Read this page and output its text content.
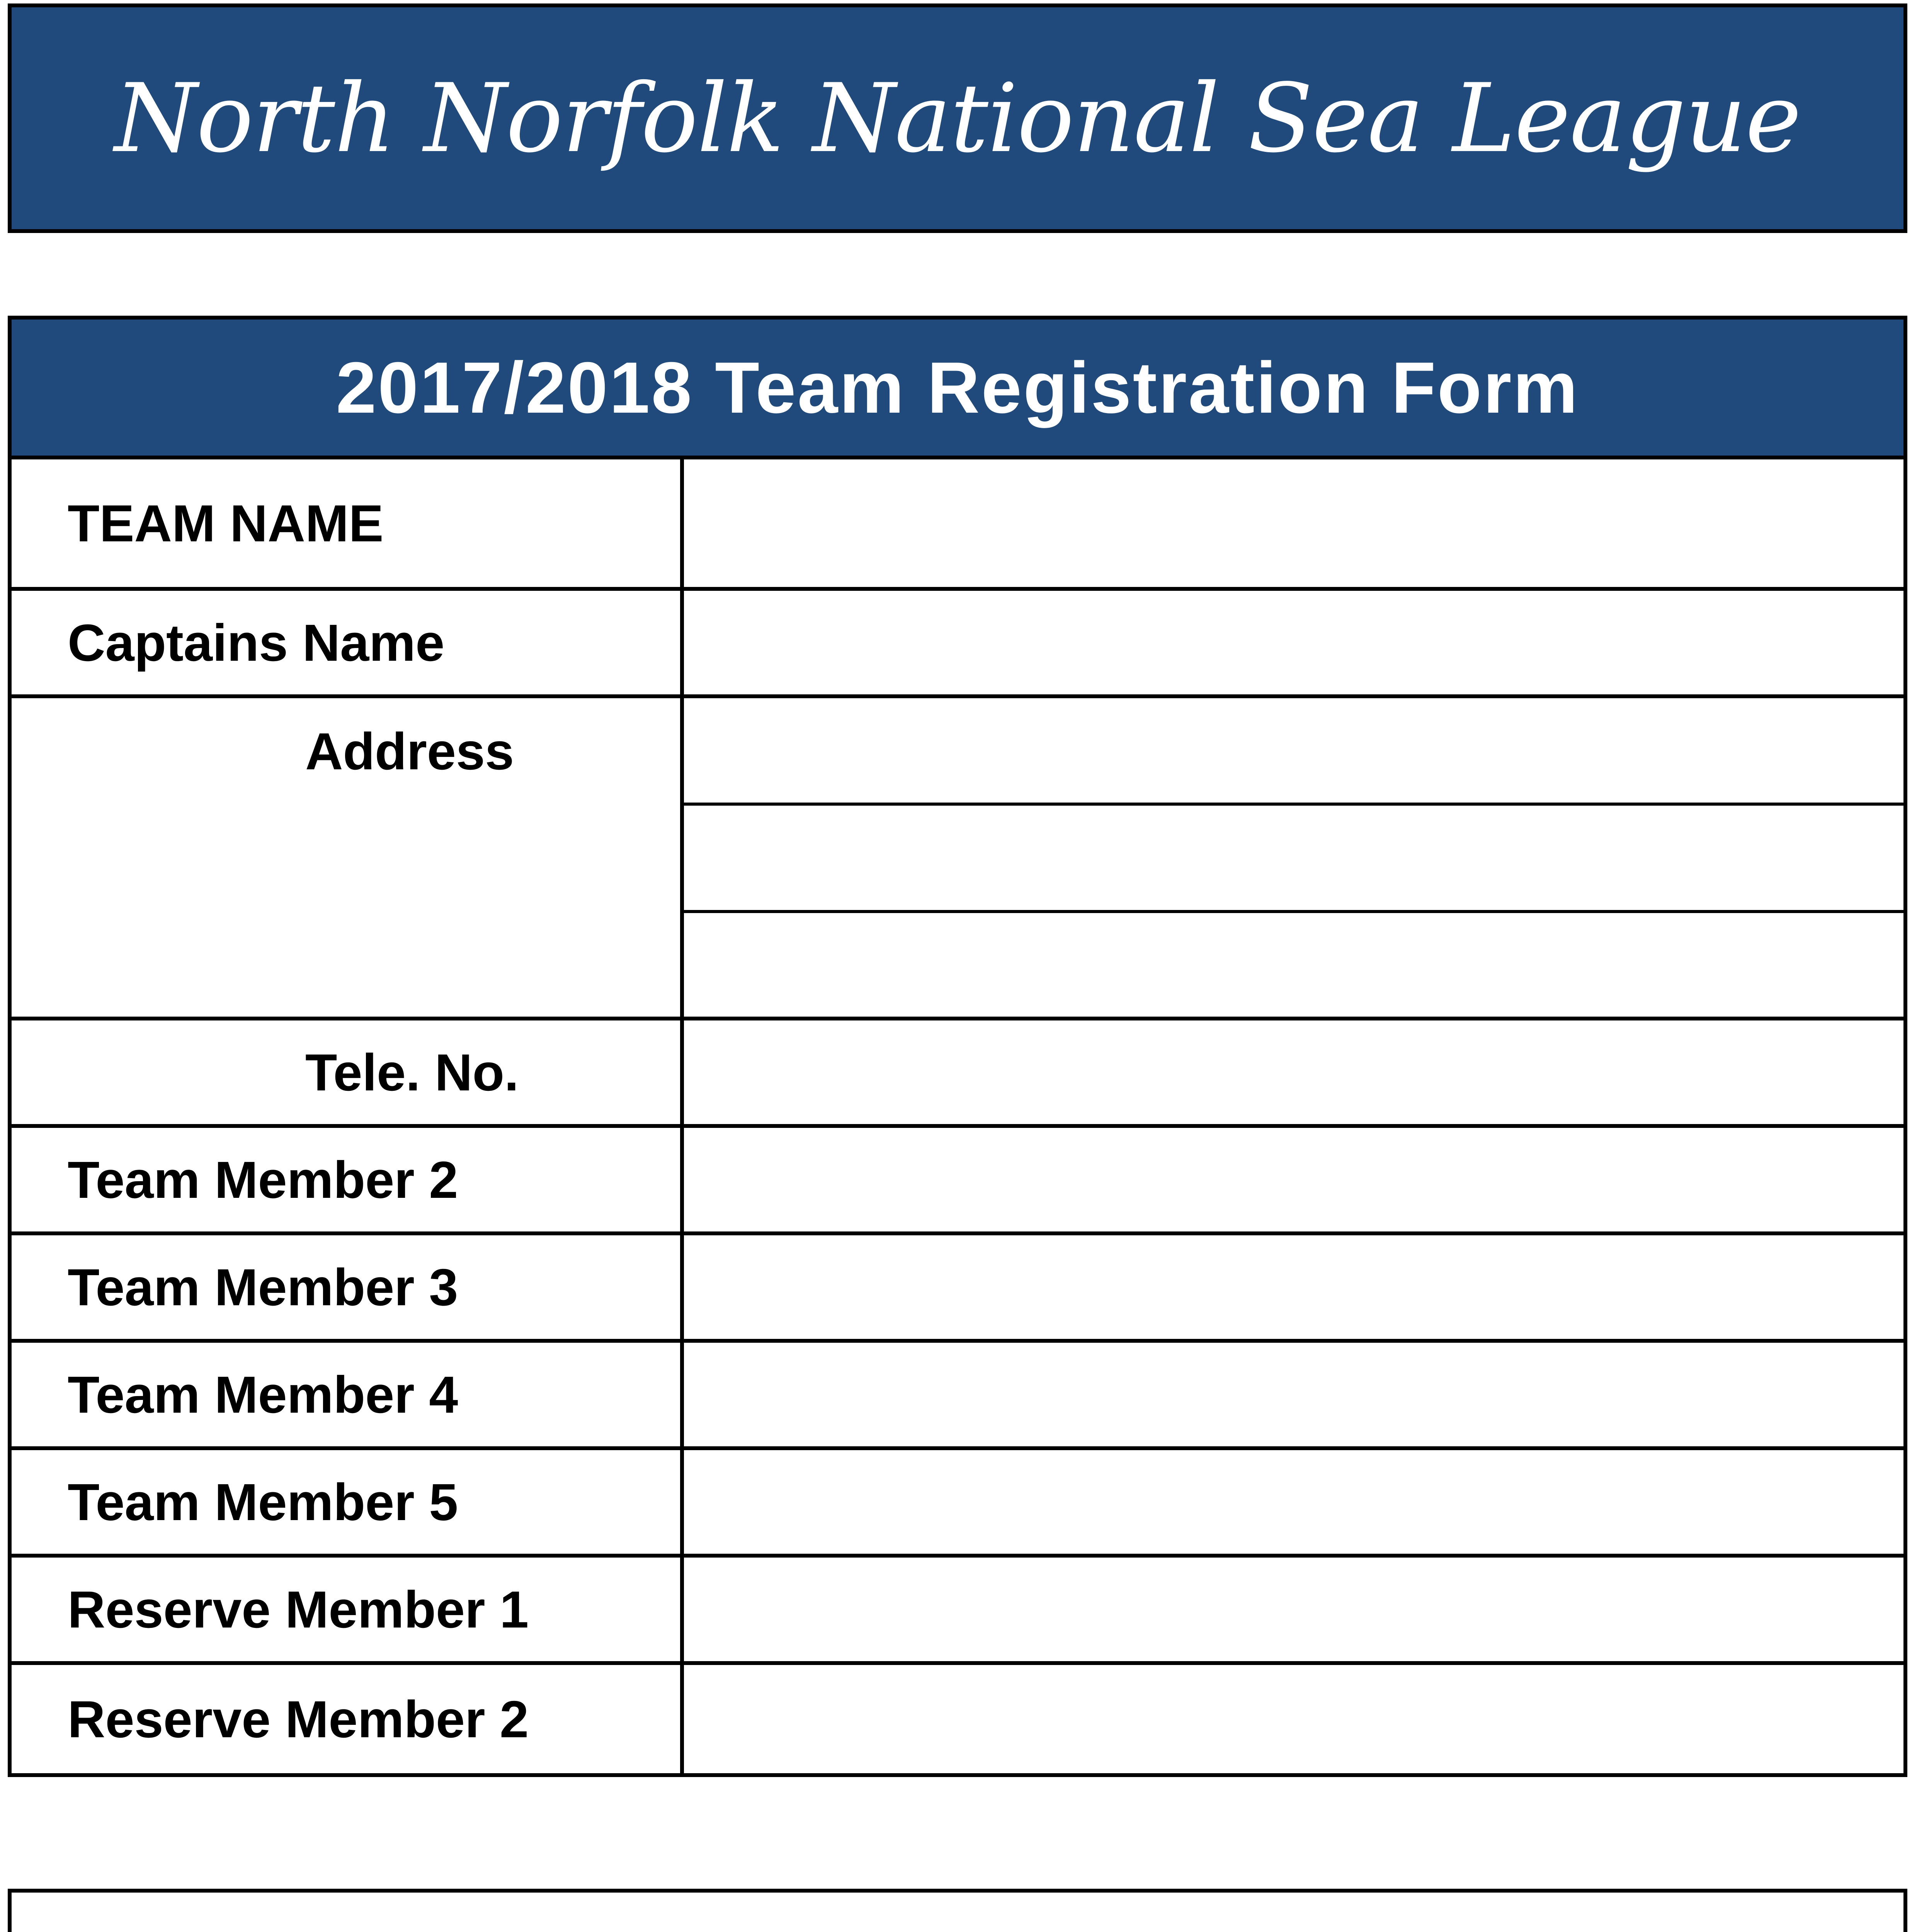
North Norfolk National Sea League
2017/2018 Team Registration Form
TEAM NAME
Captains Name
Address
Tele. No.
Team Member 2
Team Member 3
Team Member 4
Team Member 5
Reserve Member 1
Reserve Member 2
